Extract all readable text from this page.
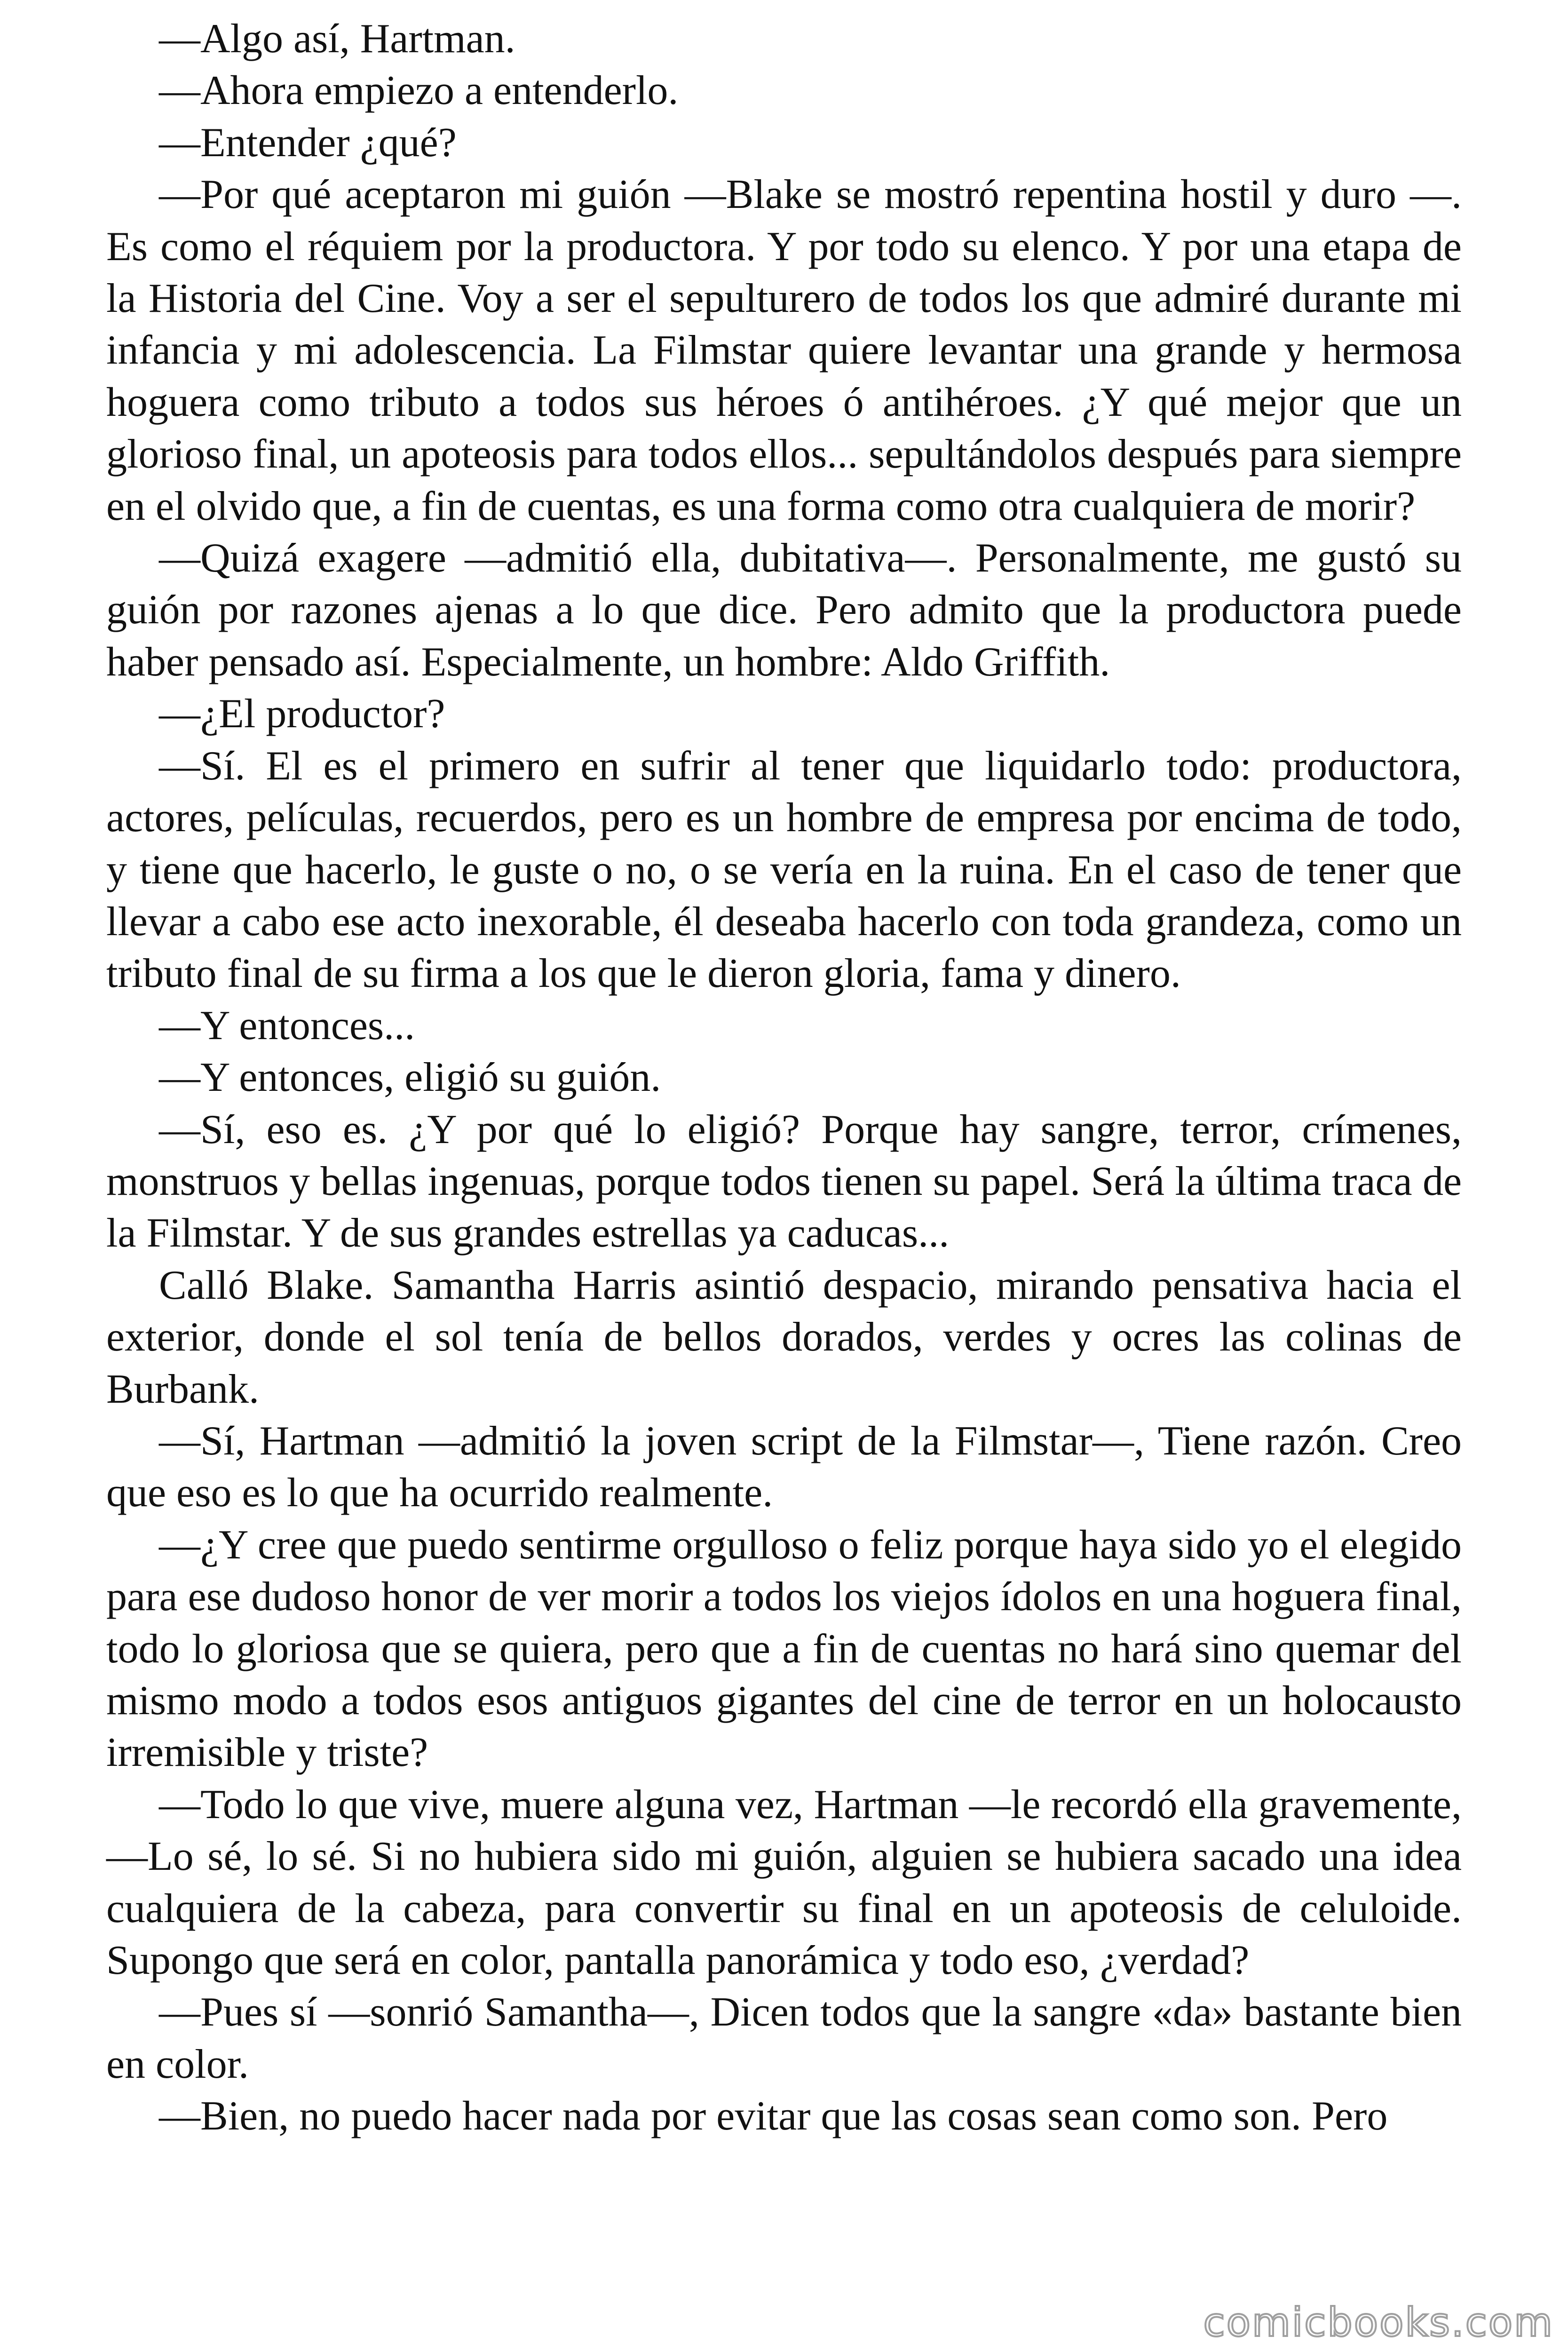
—Algo así, Hartman.

—Ahora empiezo a entenderlo.

—Entender ¿qué?

—Por qué aceptaron mi guión —Blake se mostró repentina hostil y duro —. Es como el réquiem por la productora. Y por todo su elenco. Y por una etapa de la Historia del Cine. Voy a ser el sepulturero de todos los que admiré durante mi infancia y mi adolescencia. La Filmstar quiere levantar una grande y hermosa hoguera como tributo a todos sus héroes ó antihéroes. ¿Y qué mejor que un glorioso final, un apoteosis para todos ellos... sepultándolos después para siempre en el olvido que, a fin de cuentas, es una forma como otra cualquiera de morir?

—Quizá exagere —admitió ella, dubitativa—. Personalmente, me gustó su guión por razones ajenas a lo que dice. Pero admito que la productora puede haber pensado así. Especialmente, un hombre: Aldo Griffith.

—¿El productor?

—Sí. El es el primero en sufrir al tener que liquidarlo todo: productora, actores, películas, recuerdos, pero es un hombre de empresa por encima de todo, y tiene que hacerlo, le guste o no, o se vería en la ruina. En el caso de tener que llevar a cabo ese acto inexorable, él deseaba hacerlo con toda grandeza, como un tributo final de su firma a los que le dieron gloria, fama y dinero.

—Y entonces...

—Y entonces, eligió su guión.

—Sí, eso es. ¿Y por qué lo eligió? Porque hay sangre, terror, crímenes, monstruos y bellas ingenuas, porque todos tienen su papel. Será la última traca de la Filmstar. Y de sus grandes estrellas ya caducas...

Calló Blake. Samantha Harris asintió despacio, mirando pensativa hacia el exterior, donde el sol tenía de bellos dorados, verdes y ocres las colinas de Burbank.

—Sí, Hartman —admitió la joven script de la Filmstar—, Tiene razón. Creo que eso es lo que ha ocurrido realmente.

—¿Y cree que puedo sentirme orgulloso o feliz porque haya sido yo el elegido para ese dudoso honor de ver morir a todos los viejos ídolos en una hoguera final, todo lo gloriosa que se quiera, pero que a fin de cuentas no hará sino quemar del mismo modo a todos esos antiguos gigantes del cine de terror en un holocausto irremisible y triste?

—Todo lo que vive, muere alguna vez, Hartman —le recordó ella gravemente, —Lo sé, lo sé. Si no hubiera sido mi guión, alguien se hubiera sacado una idea cualquiera de la cabeza, para convertir su final en un apoteosis de celuloide. Supongo que será en color, pantalla panorámica y todo eso, ¿verdad?

—Pues sí —sonrió Samantha—, Dicen todos que la sangre «da» bastante bien en color.

—Bien, no puedo hacer nada por evitar que las cosas sean como son. Pero

comicbooks.com
